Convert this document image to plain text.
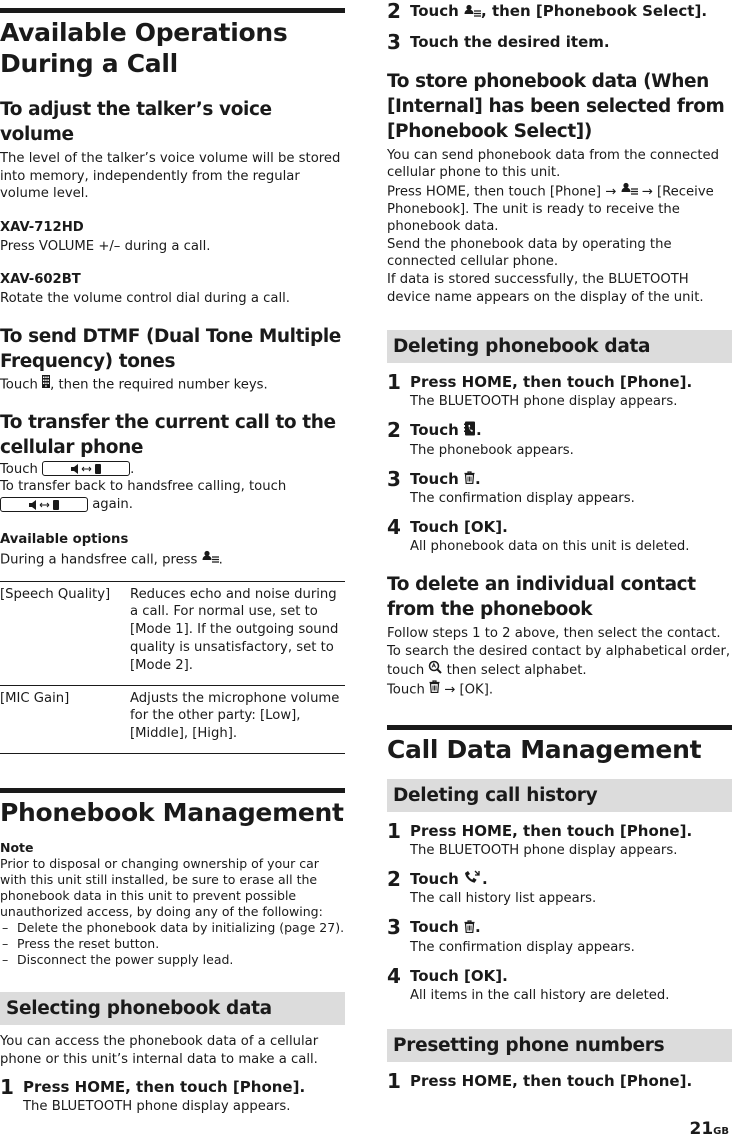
Available Operations During a Call
To adjust the talker’s voice volume

The level of the talker’s voice volume will be stored into memory, independently from the regular volume level.

XAV-712HD

Press VOLUME +/– during a call.

XAV-602BT

Rotate the volume control dial during a call.

To send DTMF (Dual Tone Multiple Frequency) tones

Touch , then the required number keys.

To transfer the current call to the cellular phone

Touch	.
To transfer back to handsfree calling, touch

again.

Available options

During a handsfree call, press .

[Speech Quality]	Reduces echo and noise during a call. For normal use, set to [Mode 1]. If the outgoing sound quality is unsatisfactory, set to [Mode 2].
[MIC Gain]	Adjusts the microphone volume for the other party: [Low], [Middle], [High].
Phonebook Management
Note
Prior to disposal or changing ownership of your car with this unit still installed, be sure to erase all the phonebook data in this unit to prevent possible unauthorized access, by doing any of the following:
– Delete the phonebook data by initializing (page 27).
– Press the reset button.
– Disconnect the power supply lead.
Selecting phonebook data

You can access the phonebook data of a cellular phone or this unit’s internal data to make a call.

1 Press HOME, then touch [Phone].
The BLUETOOTH phone display appears.
2 Touch , then [Phonebook Select].
3 Touch the desired item.
To store phonebook data (When [Internal] has been selected from [Phonebook Select])

You can send phonebook data from the connected cellular phone to this unit.

Press HOME, then touch [Phone] → → [Receive Phonebook]. The unit is ready to receive the phonebook data.

Send the phonebook data by operating the connected cellular phone.

If data is stored successfully, the BLUETOOTH device name appears on the display of the unit.

Deleting phonebook data
1 Press HOME, then touch [Phone].
The BLUETOOTH phone display appears.
2 Touch .
The phonebook appears.
3 Touch .
The confirmation display appears.
4 Touch [OK].
All phonebook data on this unit is deleted.
To delete an individual contact from the phonebook

Follow steps 1 to 2 above, then select the contact.

To search the desired contact by alphabetical order, touch then select alphabet.

Touch → [OK].

Call Data Management
Deleting call history
1 Press HOME, then touch [Phone].
The BLUETOOTH phone display appears.
2 Touch .
The call history list appears.
3 Touch .
The confirmation display appears.
4 Touch [OK].
All items in the call history are deleted.
Presetting phone numbers
1 Press HOME, then touch [Phone].
21GB
